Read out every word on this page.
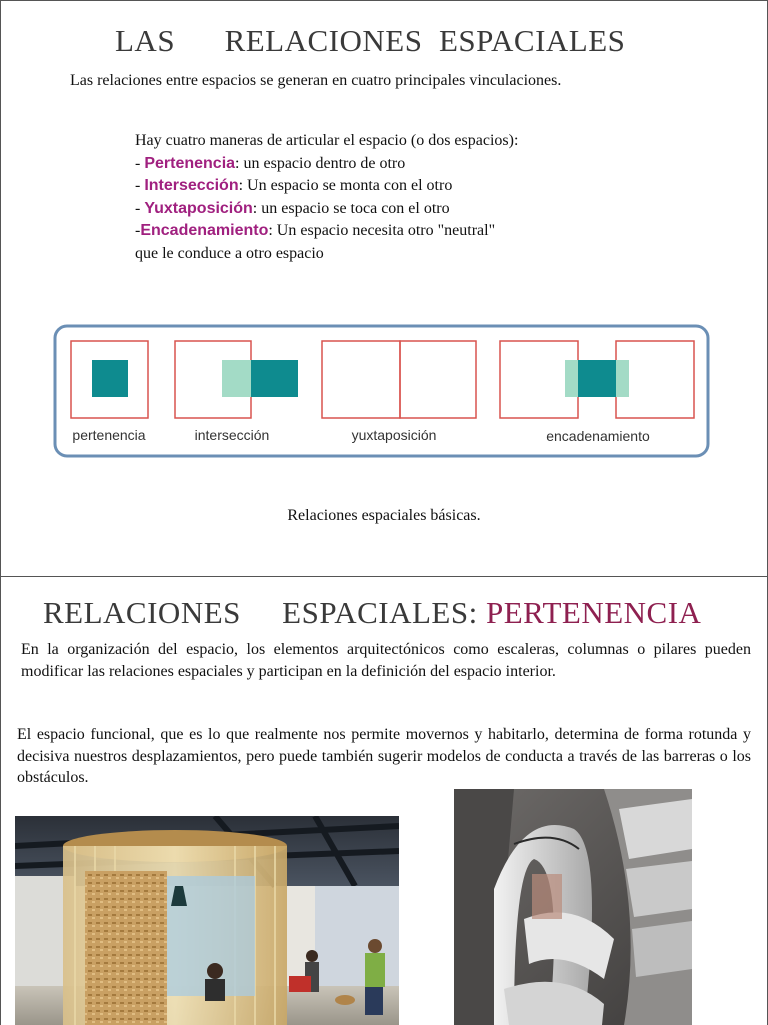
LAS      RELACIONES  ESPACIALES
Las relaciones entre espacios se generan en cuatro principales vinculaciones.
Hay cuatro maneras de articular el espacio (o dos espacios):
- Pertenencia: un espacio dentro de otro
- Intersección: Un espacio se monta con el otro
- Yuxtaposición: un espacio se toca con el otro
-Encadenamiento: Un espacio necesita otro "neutral"
que le conduce a otro espacio
pertenencia	intersección	yuxtaposición	encadenamiento
Relaciones espaciales básicas.
RELACIONES     ESPACIALES: PERTENENCIA
En la organización del espacio, los elementos arquitectónicos como escaleras, columnas o pilares pueden modificar las relaciones espaciales y participan en la definición del espacio interior.
El espacio funcional, que es lo que realmente nos permite movernos y habitarlo, determina de forma rotunda y decisiva nuestros desplazamientos, pero puede también sugerir modelos de conducta a través de las barreras o los obstáculos.
